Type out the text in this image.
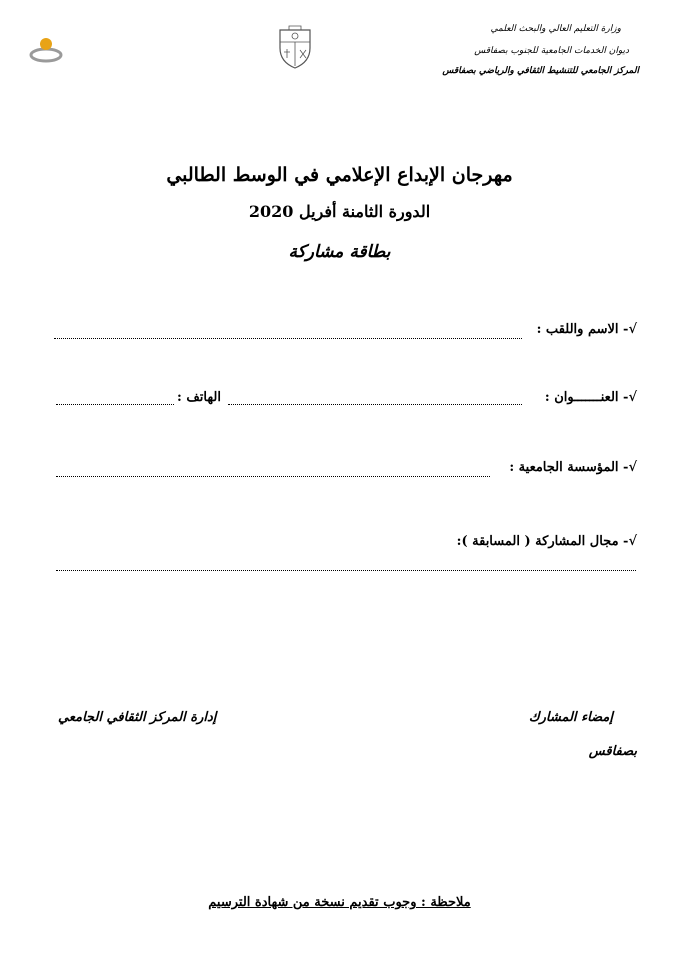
وزارة التعليم العالي والبحث العلمي
ديوان الخدمات الجامعية للجنوب بصفاقس
المركز الجامعي للتنشيط الثقافي والرياضي بصفاقس
مهرجان الإبداع الإعلامي في الوسط الطالبي
الدورة الثامنة أفريل 2020
بطاقة مشاركة
√- الاسم واللقب :
√- العنـــــــوان :
الهاتف :
√- المؤسسة الجامعية :
√- مجال المشاركة ( المسابقة ):
إمضاء المشارك
إدارة المركز الثقافي الجامعي
بصفاقس
ملاحظة : وجوب تقديم نسخة من شهادة الترسيم
